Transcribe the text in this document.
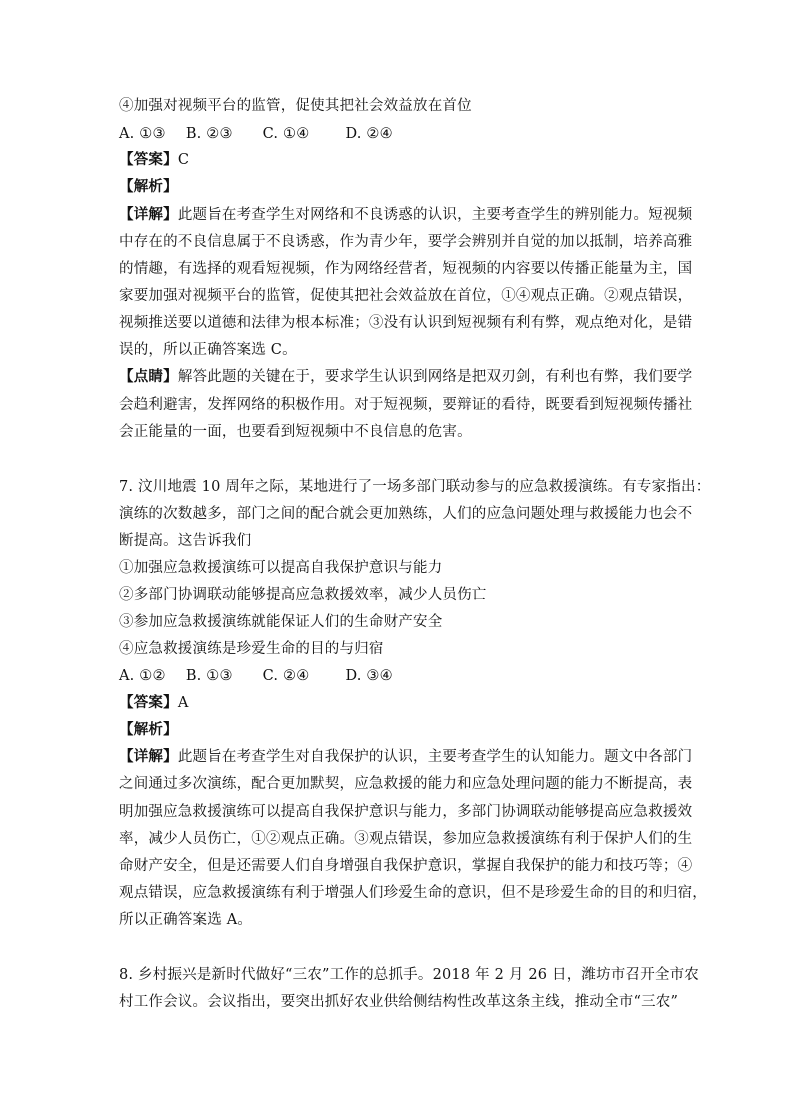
④加强对视频平台的监管，促使其把社会效益放在首位
A. ①③ B. ②③ C. ①④ D. ②④
【答案】C
【解析】
【详解】此题旨在考查学生对网络和不良诱惑的认识，主要考查学生的辨别能力。短视频
中存在的不良信息属于不良诱惑，作为青少年，要学会辨别并自觉的加以抵制，培养高雅
的情趣，有选择的观看短视频，作为网络经营者，短视频的内容要以传播正能量为主，国
家要加强对视频平台的监管，促使其把社会效益放在首位，①④观点正确。②观点错误，
视频推送要以道德和法律为根本标准；③没有认识到短视频有利有弊，观点绝对化，是错
误的，所以正确答案选 C。
【点睛】解答此题的关键在于，要求学生认识到网络是把双刃剑，有利也有弊，我们要学
会趋利避害，发挥网络的积极作用。对于短视频，要辩证的看待，既要看到短视频传播社
会正能量的一面，也要看到短视频中不良信息的危害。
7. 汶川地震 10 周年之际，某地进行了一场多部门联动参与的应急救援演练。有专家指出：
演练的次数越多，部门之间的配合就会更加熟练，人们的应急问题处理与救援能力也会不
断提高。这告诉我们
①加强应急救援演练可以提高自我保护意识与能力
②多部门协调联动能够提高应急救援效率，减少人员伤亡
③参加应急救援演练就能保证人们的生命财产安全
④应急救援演练是珍爱生命的目的与归宿
A. ①② B. ①③ C. ②④ D. ③④
【答案】A
【解析】
【详解】此题旨在考查学生对自我保护的认识，主要考查学生的认知能力。题文中各部门
之间通过多次演练，配合更加默契，应急救援的能力和应急处理问题的能力不断提高，表
明加强应急救援演练可以提高自我保护意识与能力，多部门协调联动能够提高应急救援效
率，减少人员伤亡，①②观点正确。③观点错误，参加应急救援演练有利于保护人们的生
命财产安全，但是还需要人们自身增强自我保护意识，掌握自我保护的能力和技巧等；④
观点错误，应急救援演练有利于增强人们珍爱生命的意识，但不是珍爱生命的目的和归宿，
所以正确答案选 A。
8. 乡村振兴是新时代做好“三农”工作的总抓手。2018 年 2 月 26 日，潍坊市召开全市农
村工作会议。会议指出，要突出抓好农业供给侧结构性改革这条主线，推动全市“三农”
